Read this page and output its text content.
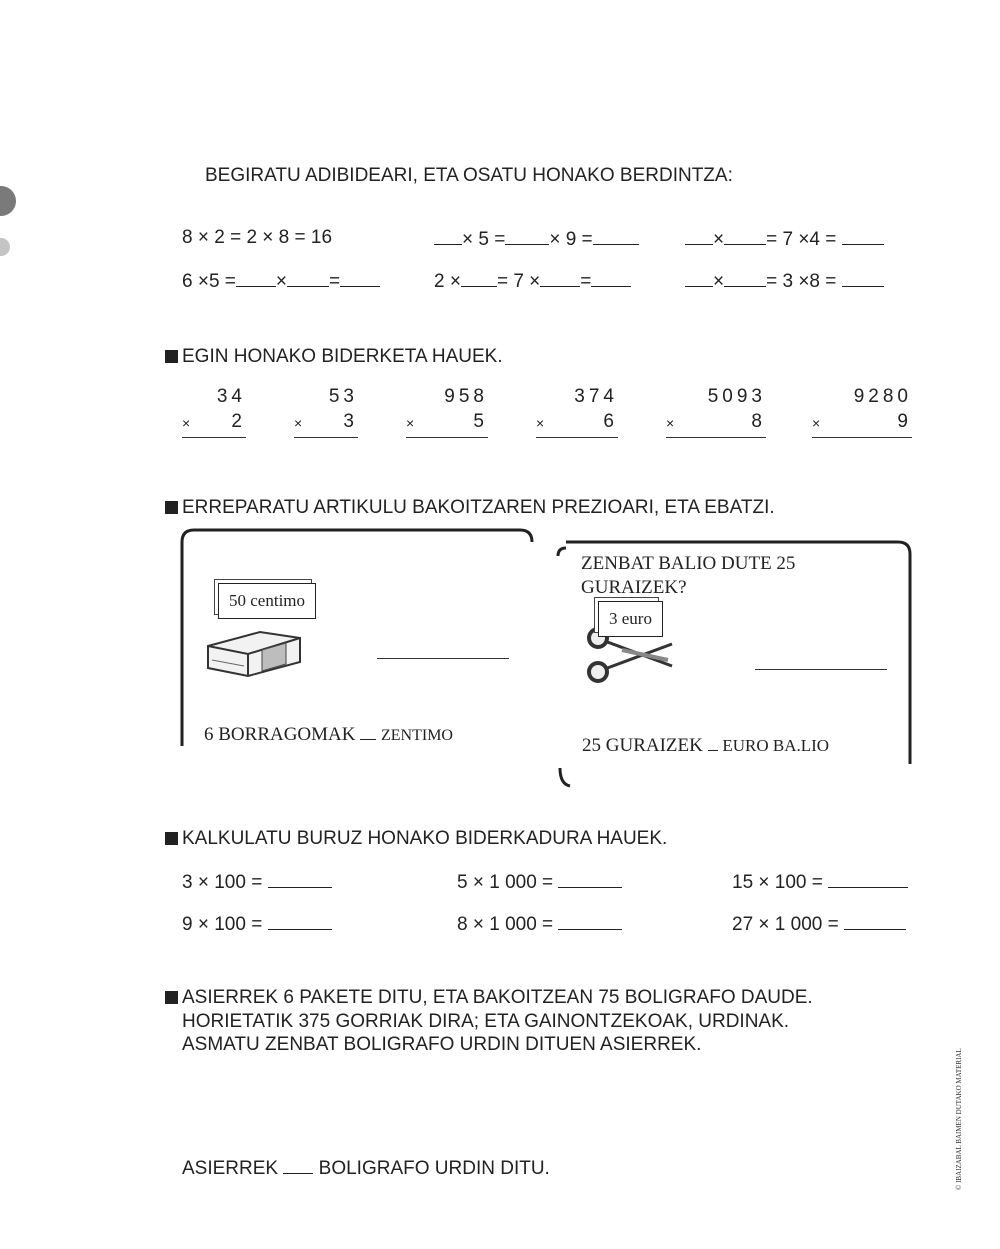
BEGIRATU ADIBIDEARI, ETA OSATU HONAKO BERDINTZA:
8 × 2 = 2 × 8 = 16	× 5 = × 9 =	× = 7 ×4 =
6 ×5 = × =	2 × = 7 × =	× = 3 ×8 =
EGIN HONAKO BIDERKETA HAUEK.
34
× 2
53
× 3
958
×	5
374
×	6
5093
×	8
9280
×	9
ERREPARATU ARTIKULU BAKOITZAREN PREZIOARI, ETA EBATZI.
50 centimo
6 BORRAGOMAK ZENTIMO
ZENBAT BALIO DUTE 25 GURAIZEK?
3 euro
25 GURAIZEK EURO BA.LIO
KALKULATU BURUZ HONAKO BIDERKADURA HAUEK.
3 × 100 =	5 × 1 000 =	15 × 100 =
9 × 100 =	8 × 1 000 =	27 × 1 000 =
ASIERREK 6 PAKETE DITU, ETA BAKOITZEAN 75 BOLIGRAFO DAUDE.
HORIETATIK 375 GORRIAK DIRA; ETA GAINONTZEKOAK, URDINAK.
ASMATU ZENBAT BOLIGRAFO URDIN DITUEN ASIERREK.
ASIERREK BOLIGRAFO URDIN DITU.	© IBAIZABAL BAIMEN DUTAKO MATERIAL
